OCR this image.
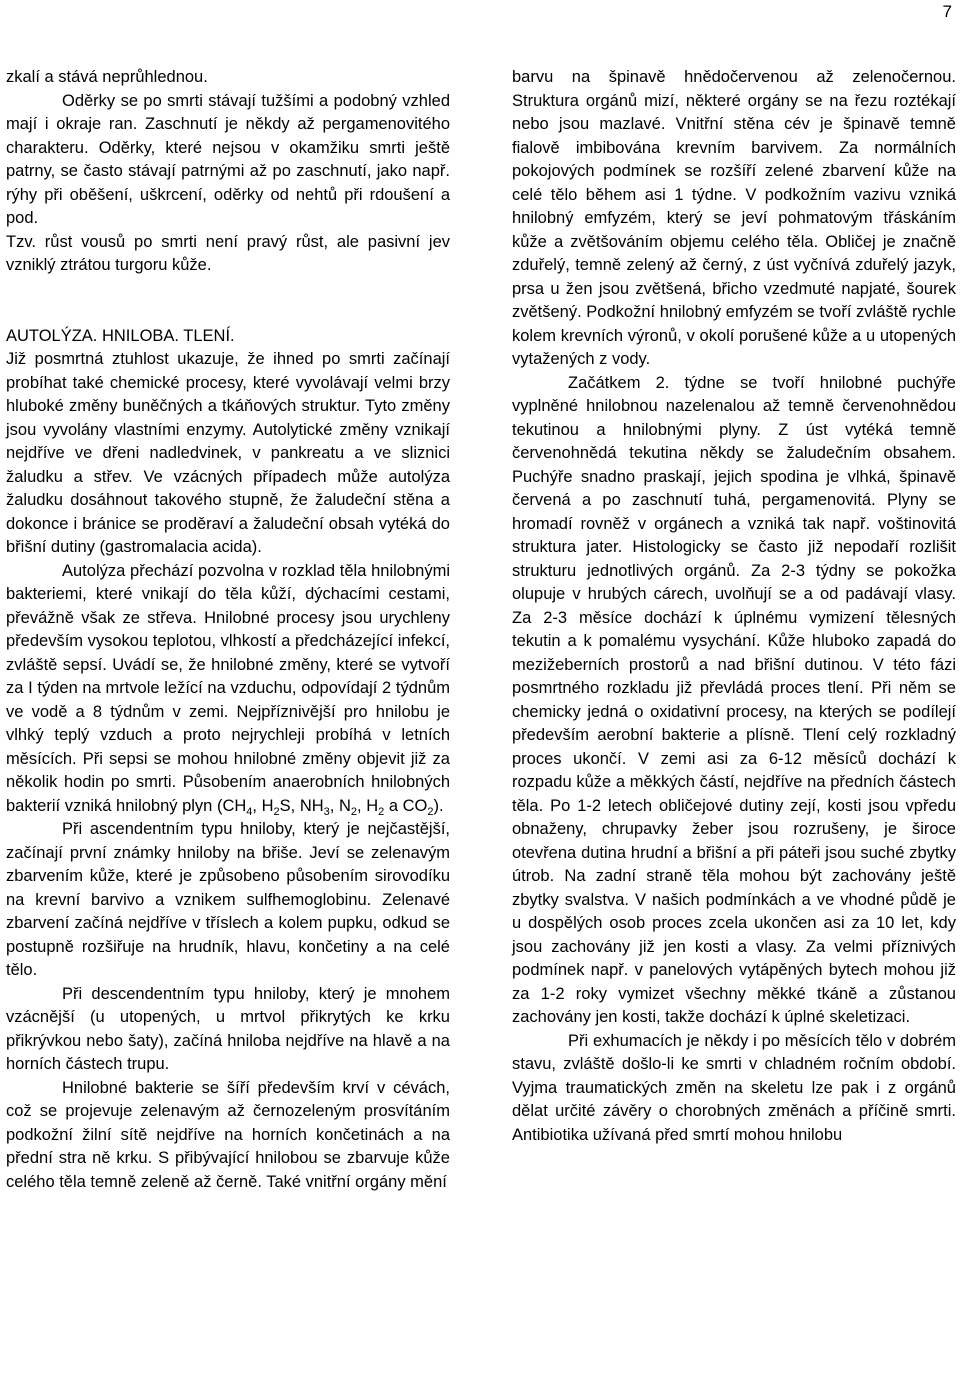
7

zkalí a stává neprůhlednou.

Oděrky se po smrti stávají tužšími a podobný vzhled mají i okraje ran. Zaschnutí je někdy až pergamenovitého charakteru. Oděrky, které nejsou v okamžiku smrti ještě patrny, se často stávají patrnými až po zaschnutí, jako např. rýhy při oběšení, uškrcení, oděrky od nehtů při rdoušení a pod.

Tzv. růst vousů po smrti není pravý růst, ale pasivní jev vzniklý ztrátou turgoru kůže.

AUTOLÝZA. HNILOBA. TLENÍ.

Již posmrtná ztuhlost ukazuje, že ihned po smrti začínají probíhat také chemické procesy, které vyvolávají velmi brzy hluboké změny buněčných a tkáňových struktur. Tyto změny jsou vyvolány vlastními enzymy. Autolytické změny vznikají nejdříve ve dřeni nadledvinek, v pankreatu a ve sliznici žaludku a střev. Ve vzácných případech může autolýza žaludku dosáhnout takového stupně, že žaludeční stěna a dokonce i bránice se proděraví a žaludeční obsah vytéká do břišní dutiny (gastromalacia acida).

Autolýza přechází pozvolna v rozklad těla hnilobnými bakteriemi, které vnikají do těla kůží, dýchacími cestami, převážně však ze střeva. Hnilobné procesy jsou urychleny především vysokou teplotou, vlhkostí a předcházející infekcí, zvláště sepsí. Uvádí se, že hnilobné změny, které se vytvoří za I týden na mrtvole ležící na vzduchu, odpovídají 2 týdnům ve vodě a 8 týdnům v zemi. Nejpříznivější pro hnilobu je vlhký teplý vzduch a proto nejrychleji probíhá v letních měsících. Při sepsi se mohou hnilobné změny objevit již za několik hodin po smrti. Působením anaerobních hnilobných bakterií vzniká hnilobný plyn ($CH_4$, $H_2S$, $NH_3$, $N_2$, $H_2$ a $CO_2$).

Při ascendentním typu hniloby, který je nejčastější, začínají první známky hniloby na břiše. Jeví se zelenavým zbarvením kůže, které je způsobeno působením sirovodíku na krevní barvivo a vznikem sulfhemoglobinu. Zelenavé zbarvení začíná nejdříve v tříslech a kolem pupku, odkud se postupně rozšiřuje na hrudník, hlavu, končetiny a na celé tělo.

Při descendentním typu hniloby, který je mnohem vzácnější (u utopených, u mrtvol přikrytých ke krku přikrývkou nebo šaty), začíná hniloba nejdříve na hlavě a na horních částech trupu.

Hnilobné bakterie se šíří především krví v cévách, což se projevuje zelenavým až černozeleným prosvítáním podkožní žilní sítě nejdříve na horních končetinách a na přední stra ně krku. S přibývající hnilobou se zbarvuje kůže celého těla temně zeleně až černě. Také vnitřní orgány mění

barvu na špinavě hnědočervenou až zelenočernou. Struktura orgánů mizí, některé orgány se na řezu roztékají nebo jsou mazlavé. Vnitřní stěna cév je špinavě temně fialově imbibována krevním barvivem. Za normálních pokojových podmínek se rozšíří zelené zbarvení kůže na celé tělo během asi 1 týdne. V podkožním vazivu vzniká hnilobný emfyzém, který se jeví pohmatovým třáskáním kůže a zvětšováním objemu celého těla. Obličej je značně zduřelý, temně zelený až černý, z úst vyčnívá zduřelý jazyk, prsa u žen jsou zvětšená, břicho vzedmuté napjaté, šourek zvětšený. Podkožní hnilobný emfyzém se tvoří zvláště rychle kolem krevních výronů, v okolí porušené kůže a u utopených vytažených z vody.

Začátkem 2. týdne se tvoří hnilobné puchýře vyplněné hnilobnou nazelenalou až temně červenohnědou tekutinou a hnilobnými plyny. Z úst vytéká temně červenohnědá tekutina někdy se žaludečním obsahem. Puchýře snadno praskají, jejich spodina je vlhká, špinavě červená a po zaschnutí tuhá, pergamenovitá. Plyny se hromadí rovněž v orgánech a vzniká tak např. voštinovitá struktura jater. Histologicky se často již nepodaří rozlišit strukturu jednotlivých orgánů. Za 2-3 týdny se pokožka olupuje v hrubých cárech, uvolňují se a od padávají vlasy. Za 2-3 měsíce dochází k úplnému vymizení tělesných tekutin a k pomalému vysychání. Kůže hluboko zapadá do mezižeberních prostorů a nad břišní dutinou. V této fázi posmrtného rozkladu již převládá proces tlení. Při něm se chemicky jedná o oxidativní procesy, na kterých se podílejí především aerobní bakterie a plísně. Tlení celý rozkladný proces ukončí. V zemi asi za 6-12 měsíců dochází k rozpadu kůže a měkkých částí, nejdříve na předních částech těla. Po 1-2 letech obličejové dutiny zejí, kosti jsou vpředu obnaženy, chrupavky žeber jsou rozrušeny, je široce otevřena dutina hrudní a břišní a při páteři jsou suché zbytky útrob. Na zadní straně těla mohou být zachovány ještě zbytky svalstva. V našich podmínkách a ve vhodné půdě je u dospělých osob proces zcela ukončen asi za 10 let, kdy jsou zachovány již jen kosti a vlasy. Za velmi příznivých podmínek např. v panelových vytápěných bytech mohou již za 1-2 roky vymizet všechny měkké tkáně a zůstanou zachovány jen kosti, takže dochází k úplné skeletizaci.

Při exhumacích je někdy i po měsících tělo v dobrém stavu, zvláště došlo-li ke smrti v chladném ročním období. Vyjma traumatických změn na skeletu lze pak i z orgánů dělat určité závěry o chorobných změnách a příčině smrti. Antibiotika užívaná před smrtí mohou hnilobu
